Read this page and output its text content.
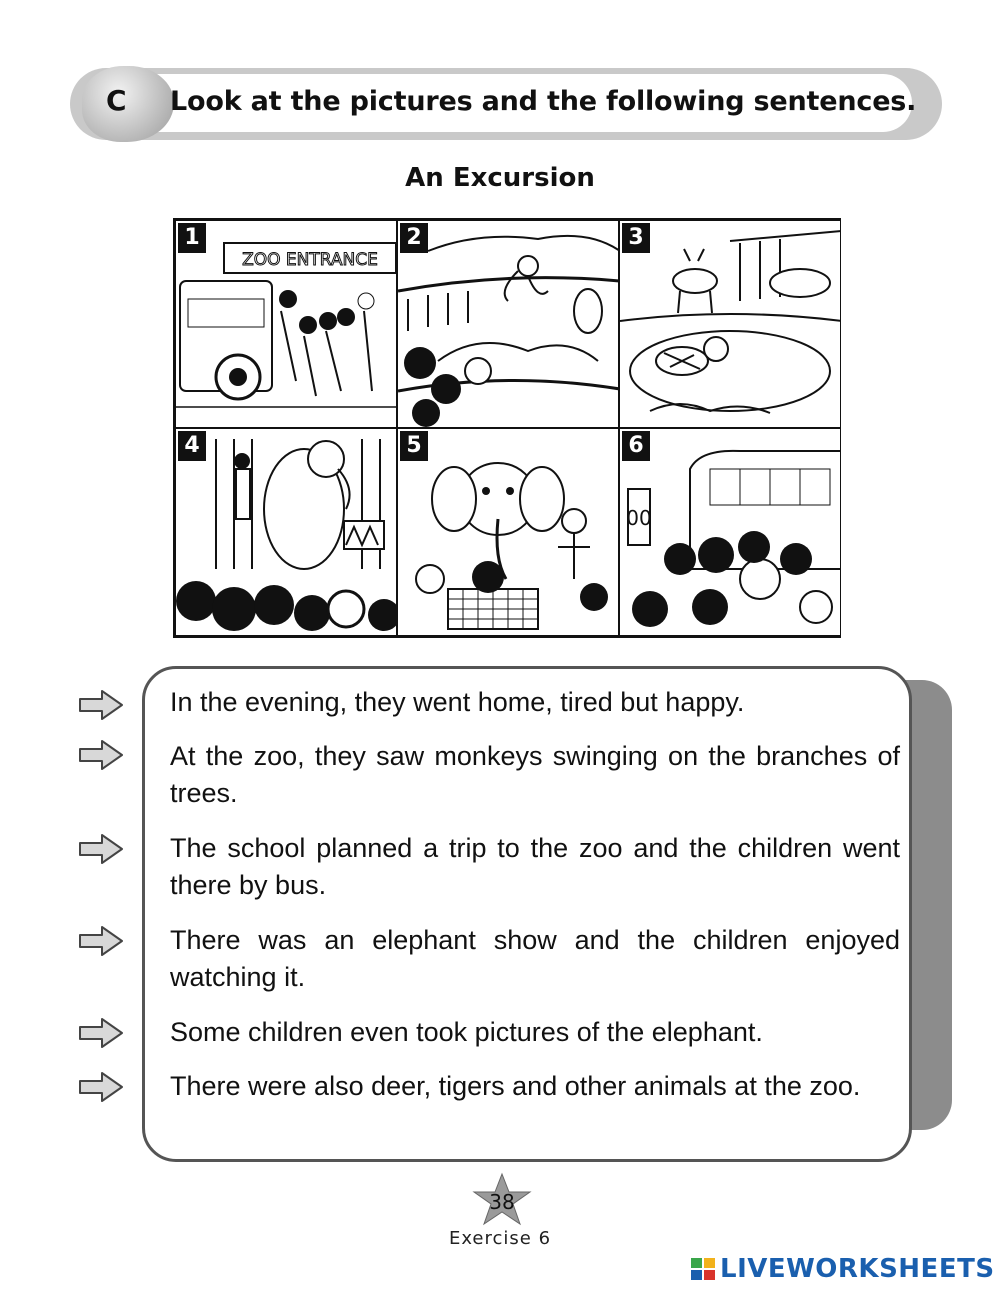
C Look at the pictures and the following sentences.
An Excursion
1
ZOO ENTRANCE
2	3
4	5	6
00
In the evening, they went home, tired but happy.
At the zoo, they saw monkeys swinging on the branches of trees.
The school planned a trip to the zoo and the children went there by bus.
There was an elephant show and the children enjoyed watching it.
Some children even took pictures of the elephant.
There were also deer, tigers and other animals at the zoo.
38
Exercise 6
LIVEWORKSHEETS
